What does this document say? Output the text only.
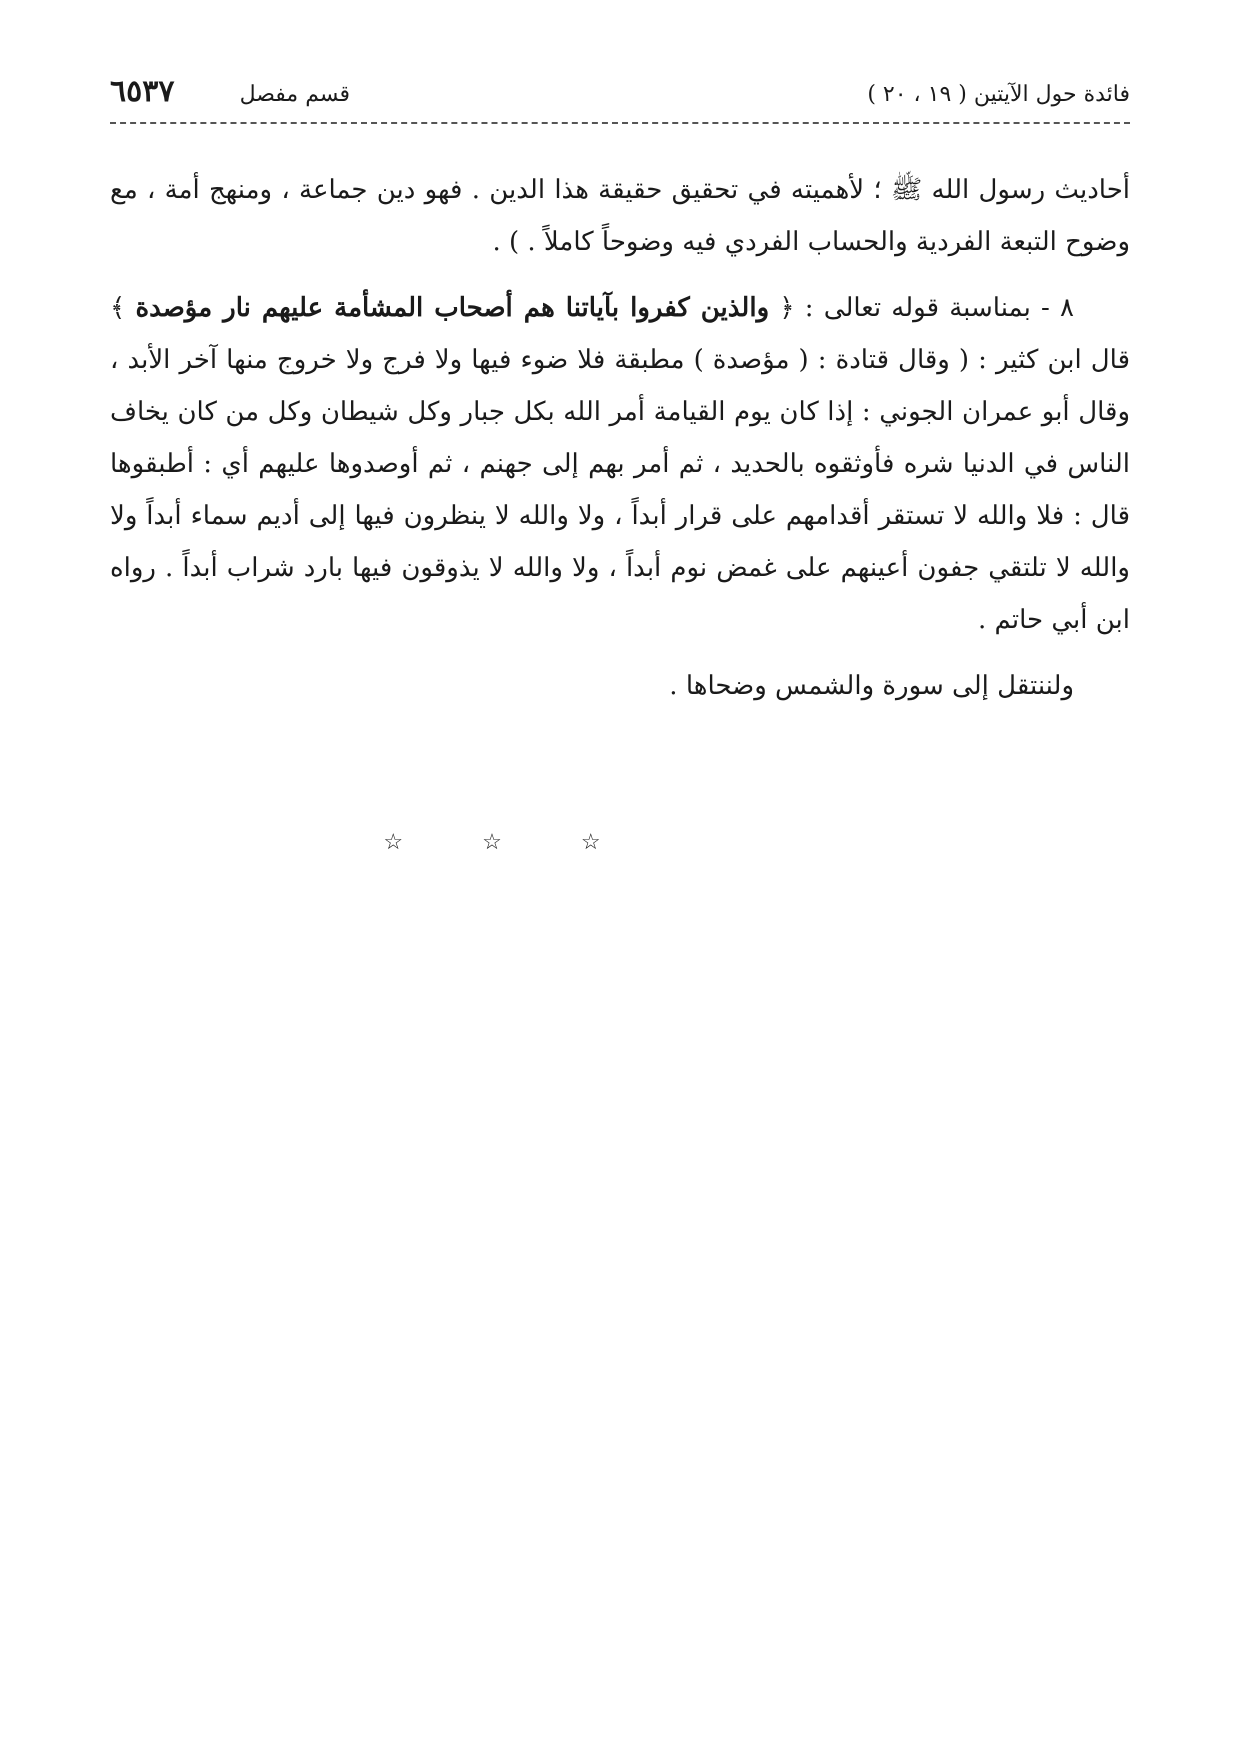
فائدة حول الآيتين ( ١٩ ، ٢٠ )
قسم مفصل
٦٥٣٧

أحاديث رسول الله ﷺ ؛ لأهميته في تحقيق حقيقة هذا الدين . فهو دين جماعة ، ومنهج أمة ، مع وضوح التبعة الفردية والحساب الفردي فيه وضوحاً كاملاً . ) .

٨ - بمناسبة قوله تعالى : ﴿ والذين كفروا بآياتنا هم أصحاب المشأمة عليهم نار مؤصدة ﴾ قال ابن كثير : ( وقال قتادة : ( مؤصدة ) مطبقة فلا ضوء فيها ولا فرج ولا خروج منها آخر الأبد ، وقال أبو عمران الجوني : إذا كان يوم القيامة أمر الله بكل جبار وكل شيطان وكل من كان يخاف الناس في الدنيا شره فأوثقوه بالحديد ، ثم أمر بهم إلى جهنم ، ثم أوصدوها عليهم أي : أطبقوها قال : فلا والله لا تستقر أقدامهم على قرار أبداً ، ولا والله لا ينظرون فيها إلى أديم سماء أبداً ولا والله لا تلتقي جفون أعينهم على غمض نوم أبداً ، ولا والله لا يذوقون فيها بارد شراب أبداً . رواه ابن أبي حاتم .

ولننتقل إلى سورة والشمس وضحاها .

☆ ☆ ☆
